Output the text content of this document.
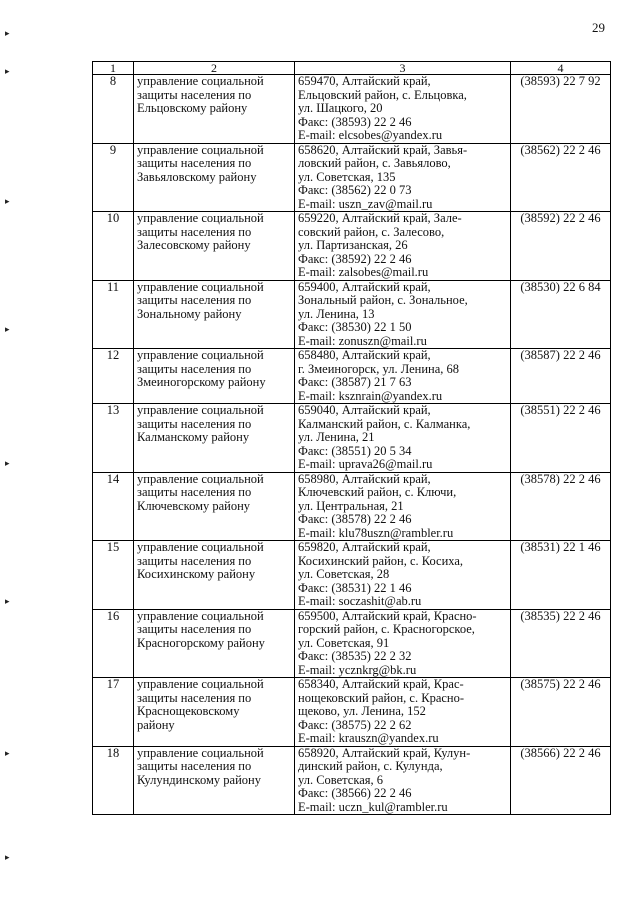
29
▸
▸
▸
▸
▸
▸
▸
▸
1	2	3	4
8	управление социальной
защиты населения по
Ельцовскому району	659470, Алтайский край,
Ельцовский район, с. Ельцовка,
ул. Шацкого, 20
Факс: (38593) 22 2 46
E-mail: elcsobes@yandex.ru	(38593) 22 7 92
9	управление социальной
защиты населения по
Завьяловскому району	658620, Алтайский край, Завья-
ловский район, с. Завьялово,
ул. Советская, 135
Факс: (38562) 22 0 73
E-mail: uszn_zav@mail.ru	(38562) 22 2 46
10	управление социальной
защиты населения по
Залесовскому району	659220, Алтайский край, Зале-
совский район, с. Залесово,
ул. Партизанская, 26
Факс: (38592) 22 2 46
E-mail: zalsobes@mail.ru	(38592) 22 2 46
11	управление социальной
защиты населения по
Зональному району	659400, Алтайский край,
Зональный район, с. Зональное,
ул. Ленина, 13
Факс: (38530) 22 1 50
E-mail: zonuszn@mail.ru	(38530) 22 6 84
12	управление социальной
защиты населения по
Змеиногорскому району	658480, Алтайский край,
г. Змеиногорск, ул. Ленина, 68
Факс: (38587) 21 7 63
E-mail: ksznrain@yandex.ru	(38587) 22 2 46
13	управление социальной
защиты населения по
Калманскому району	659040, Алтайский край,
Калманский район, с. Калманка,
ул. Ленина, 21
Факс: (38551) 20 5 34
E-mail: uprava26@mail.ru	(38551) 22 2 46
14	управление социальной
защиты населения по
Ключевскому району	658980, Алтайский край,
Ключевский район, с. Ключи,
ул. Центральная, 21
Факс: (38578) 22 2 46
E-mail: klu78uszn@rambler.ru	(38578) 22 2 46
15	управление социальной
защиты населения по
Косихинскому району	659820, Алтайский край,
Косихинский район, с. Косиха,
ул. Советская, 28
Факс: (38531) 22 1 46
E-mail: soczashit@ab.ru	(38531) 22 1 46
16	управление социальной
защиты населения по
Красногорскому району	659500, Алтайский край, Красно-
горский район, с. Красногорское,
ул. Советская, 91
Факс: (38535) 22 2 32
E-mail: ycznkrg@bk.ru	(38535) 22 2 46
17	управление социальной
защиты населения по
Краснощековскому
району	658340, Алтайский край, Крас-
нощековский район, с. Красно-
щеково, ул. Ленина, 152
Факс: (38575) 22 2 62
E-mail: krauszn@yandex.ru	(38575) 22 2 46
18	управление социальной
защиты населения по
Кулундинскому району	658920, Алтайский край, Кулун-
динский район, с. Кулунда,
ул. Советская, 6
Факс: (38566) 22 2 46
E-mail: uczn_kul@rambler.ru	(38566) 22 2 46
